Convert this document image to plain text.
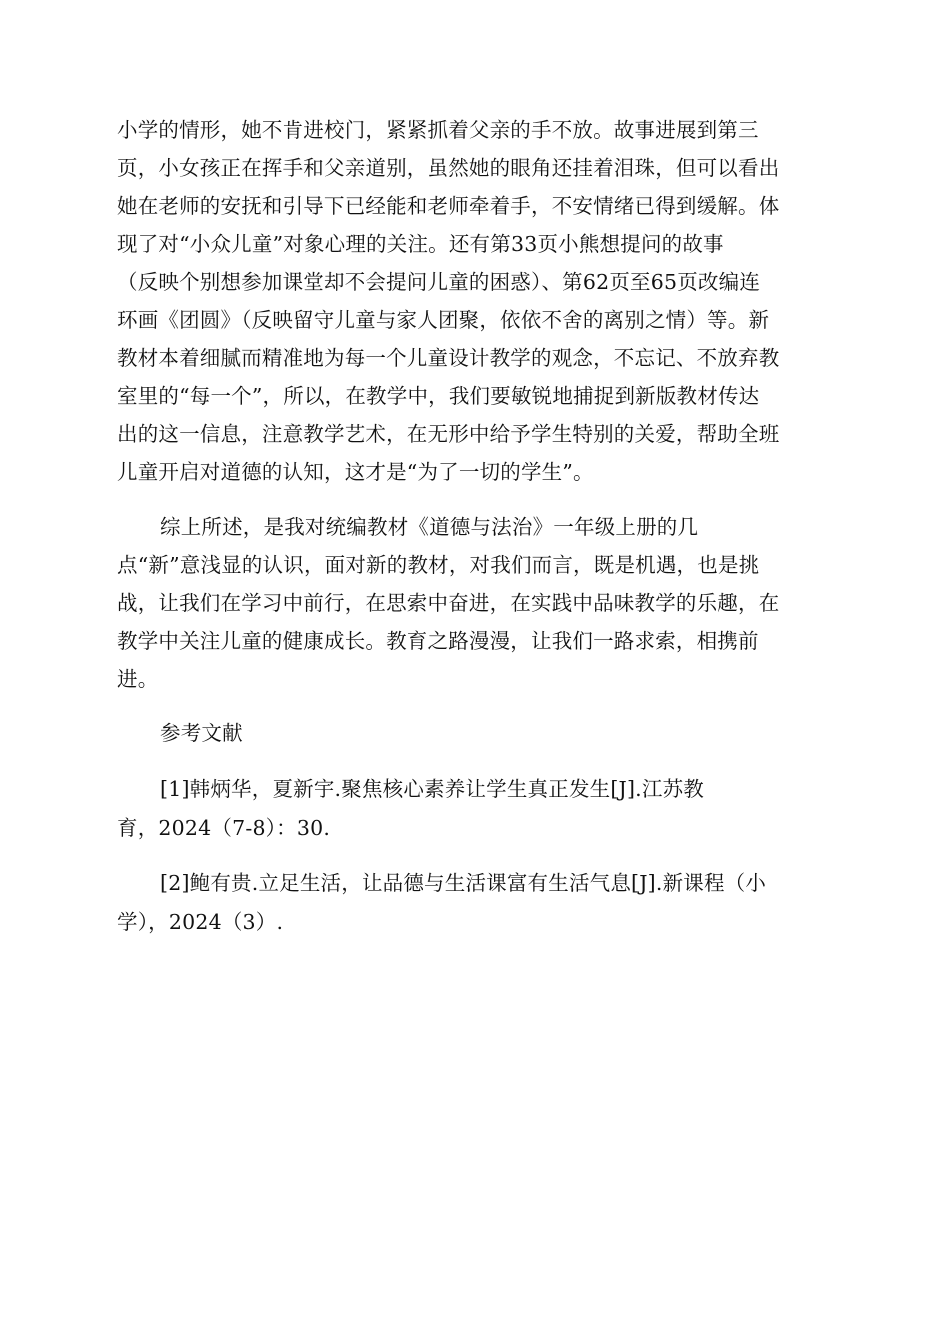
小学的情形，她不肯进校门，紧紧抓着父亲的手不放。故事进展到第三
页，小女孩正在挥手和父亲道别，虽然她的眼角还挂着泪珠，但可以看出
她在老师的安抚和引导下已经能和老师牵着手，不安情绪已得到缓解。体
现了对“小众儿童”对象心理的关注。还有第33页小熊想提问的故事
（反映个别想参加课堂却不会提问儿童的困惑）、第62页至65页改编连
环画《团圆》（反映留守儿童与家人团聚，依依不舍的离别之情）等。新
教材本着细腻而精准地为每一个儿童设计教学的观念，不忘记、不放弃教
室里的“每一个”，所以，在教学中，我们要敏锐地捕捉到新版教材传达
出的这一信息，注意教学艺术，在无形中给予学生特别的关爱，帮助全班
儿童开启对道德的认知，这才是“为了一切的学生”。
综上所述，是我对统编教材《道德与法治》一年级上册的几
点“新”意浅显的认识，面对新的教材，对我们而言，既是机遇，也是挑
战，让我们在学习中前行，在思索中奋进，在实践中品味教学的乐趣，在
教学中关注儿童的健康成长。教育之路漫漫，让我们一路求索，相携前
进。
参考文献
[1]韩炳华，夏新宇.聚焦核心素养让学生真正发生[J].江苏教
育，2024（7-8）：30.
[2]鲍有贵.立足生活，让品德与生活课富有生活气息[J].新课程（小
学），2024（3）.
